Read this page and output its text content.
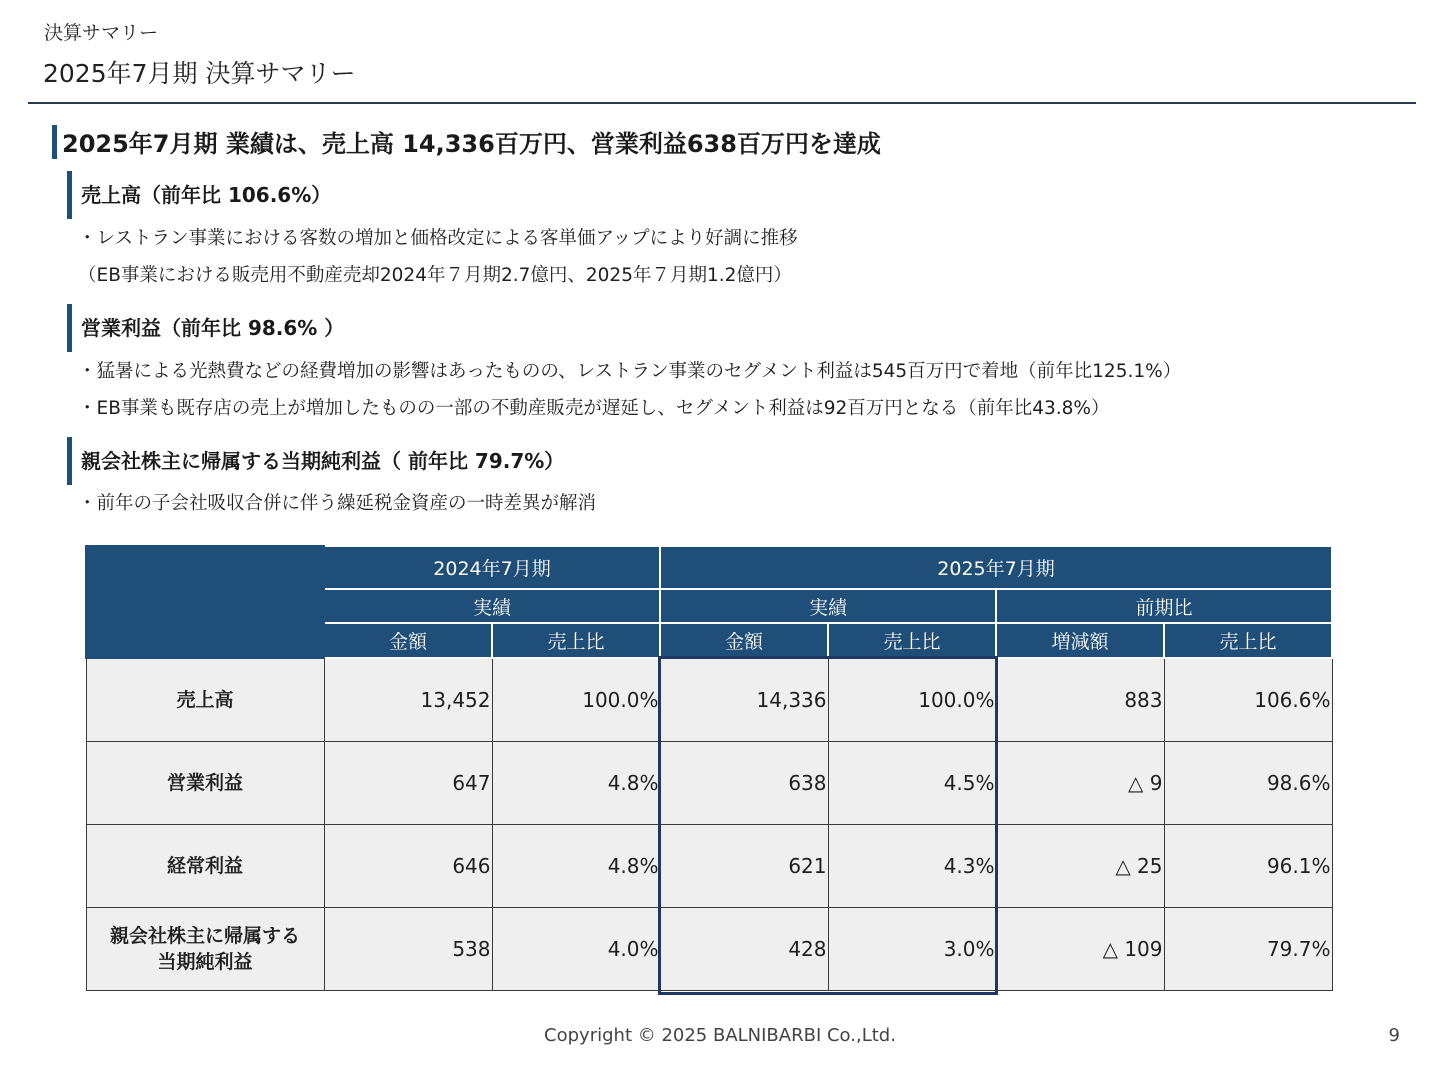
決算サマリー
2025年7月期 決算サマリー
2025年7月期 業績は、売上高 14,336百万円、営業利益638百万円を達成
売上高（前年比 106.6%）
・レストラン事業における客数の増加と価格改定による客単価アップにより好調に推移
（EB事業における販売用不動産売却2024年７月期2.7億円、2025年７月期1.2億円）
営業利益（前年比 98.6% ）
・猛暑による光熱費などの経費増加の影響はあったものの、レストラン事業のセグメント利益は545百万円で着地（前年比125.1%）
・EB事業も既存店の売上が増加したものの一部の不動産販売が遅延し、セグメント利益は92百万円となる（前年比43.8%）
親会社株主に帰属する当期純利益（ 前年比 79.7%）
・前年の子会社吸収合併に伴う繰延税金資産の一時差異が解消
	2024年7月期		2025年7月期			
	実績		実績		前期比	
	金額	売上比	金額	売上比	増減額	売上比
売上高	13,452	100.0%	14,336	100.0%	883	106.6%
営業利益	647	4.8%	638	4.5%	△ 9	98.6%
経常利益	646	4.8%	621	4.3%	△ 25	96.1%
親会社株主に帰属する
当期純利益	538	4.0%	428	3.0%	△ 109	79.7%
Copyright © 2025 BALNIBARBI Co.,Ltd.	9
